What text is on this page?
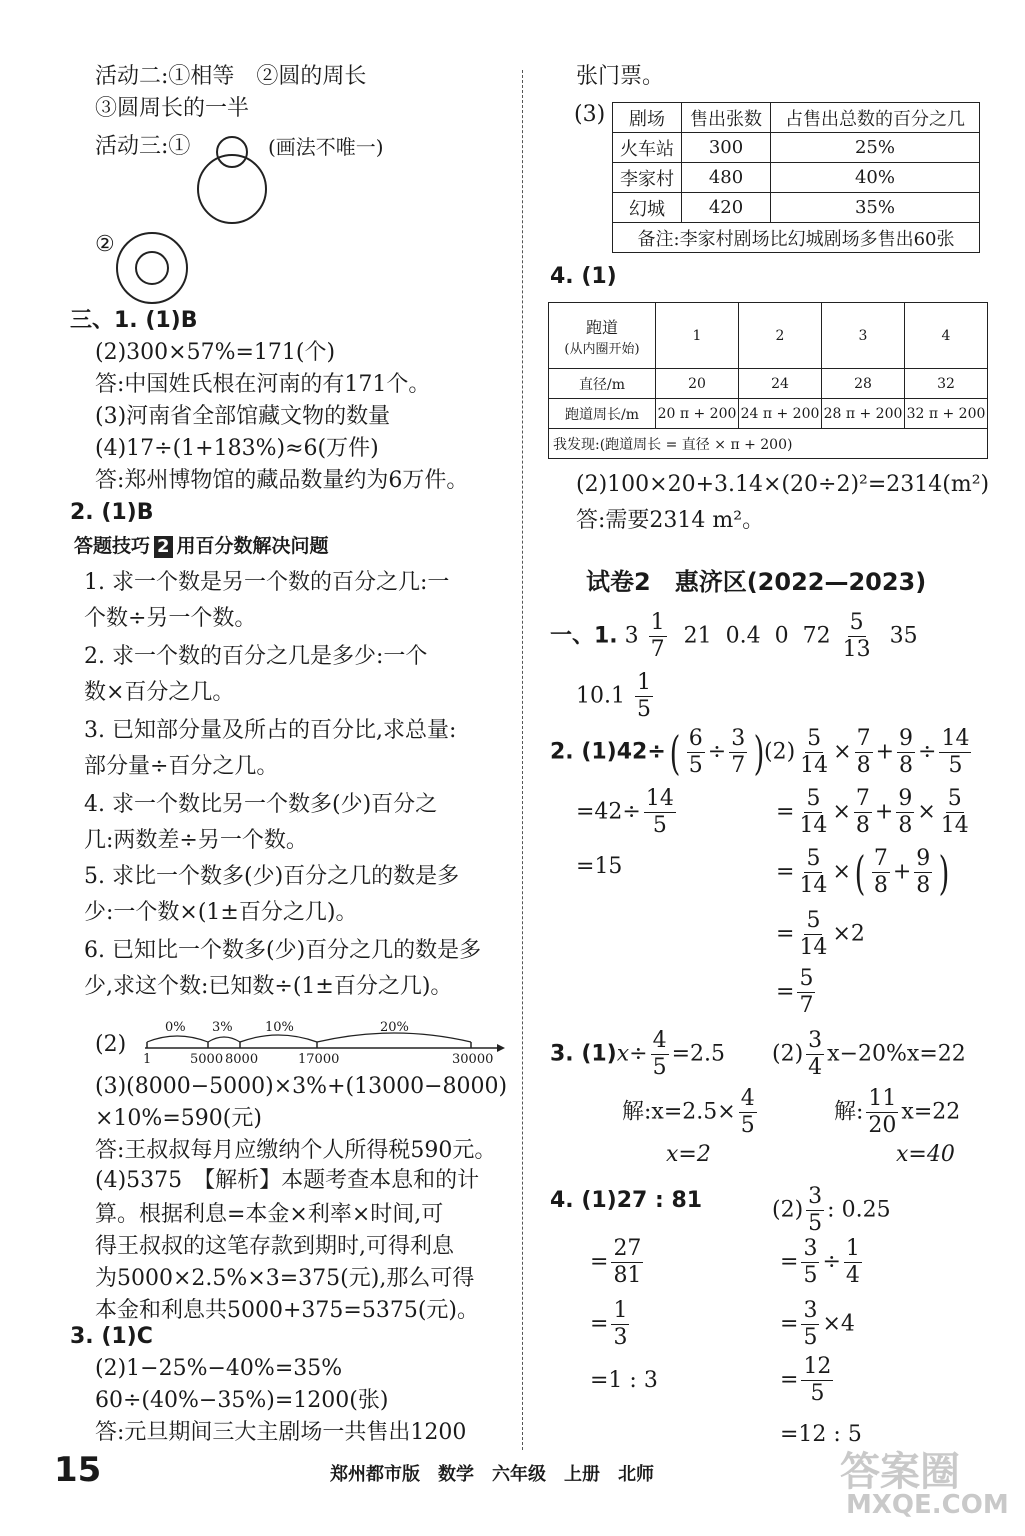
活动二:①相等　②圆的周长
③圆周长的一半
活动三:①	(画法不唯一)
②
三、1. (1)B
(2)300×57%=171(个)
答:中国姓氏根在河南的有171个。
(3)河南省全部馆藏文物的数量
(4)17÷(1+183%)≈6(万件)
答:郑州博物馆的藏品数量约为6万件。
2. (1)B
答题技巧 2 用百分数解决问题
1. 求一个数是另一个数的百分之几:一
个数÷另一个数。
2. 求一个数的百分之几是多少:一个
数×百分之几。
3. 已知部分量及所占的百分比,求总量:
部分量÷百分之几。
4. 求一个数比另一个数多(少)百分之
几:两数差÷另一个数。
5. 求比一个数多(少)百分之几的数是多
少:一个数×(1±百分之几)。
6. 已知比一个数多(少)百分之几的数是多
少,求这个数:已知数÷(1±百分之几)。
(2)
0% 3% 10%	20%
1	5000 8000	17000	30000
(3)(8000−5000)×3%+(13000−8000)
×10%=590(元)
答:王叔叔每月应缴纳个人所得税590元。
(4)5375　【解析】本题考查本息和的计
算。根据利息=本金×利率×时间,可
得王叔叔的这笔存款到期时,可得利息
为5000×2.5%×3=375(元),那么可得
本金和利息共5000+375=5375(元)。
3. (1)C
(2)1−25%−40%=35%
60÷(40%−35%)=1200(张)
答:元旦期间三大主剧场一共售出1200
张门票。
(3) 剧场	售出张数	占售出总数的百分之几
火车站	300	25%
李家村	480	40%
幻城	420	35%
备注:李家村剧场比幻城剧场多售出60张		
4. (1)
跑道
(从内圈开始)	1	2	3	4
直径/m	20	24	28	32
跑道周长/m	20 π + 200	24 π + 200	28 π + 200	32 π + 200
我发现:(跑道周长 = 直径 × π + 200)				
(2)100×20+3.14×(20÷2)²=2314(m²)
答:需要2314 m²。
试卷2　惠济区(2022—2023)
一、1. $3 \frac{1}{7} 21$ 0.4 0 $72 \frac{5}{13} 35$
$10.1 \frac{1}{5}$
2. $(1)42\div( \frac{6}{5} \div \frac{3}{7}$ )
$=42\div \frac{14}{5}$
=15
$(2) \frac{5}{14} \times \frac{7}{8} + \frac{9}{8} \div \frac{14}{5}$
= $\frac{5}{14} \times \frac{7}{8} + \frac{9}{8} \times \frac{5}{14}$
= $\frac{5}{14}$ ×( $\frac{7}{8} + \frac{9}{8}$ )
= $\frac{5}{14} \times 2$
= $\frac{5}{7}$
3. $(1)x\div \frac{4}{5} =2.5$
解:x=2.5× $\frac{4}{5}$
x=2
$(2) \frac{3}{4} x-20\%x=22$
解: $\frac{11}{20} x=22$
x=40
4. (1)27 : 81
= $\frac{27}{81}$
= $\frac{1}{3}$
=1 : 3
$(2) \frac{3}{5}$ : 0.25
= $\frac{3}{5} \div \frac{1}{4}$
= $\frac{3}{5} \times 4$
= $\frac{12}{5}$
=12 : 5
15	郑州都市版　数学　六年级　上册　北师	答案圈
MXQE.COM
